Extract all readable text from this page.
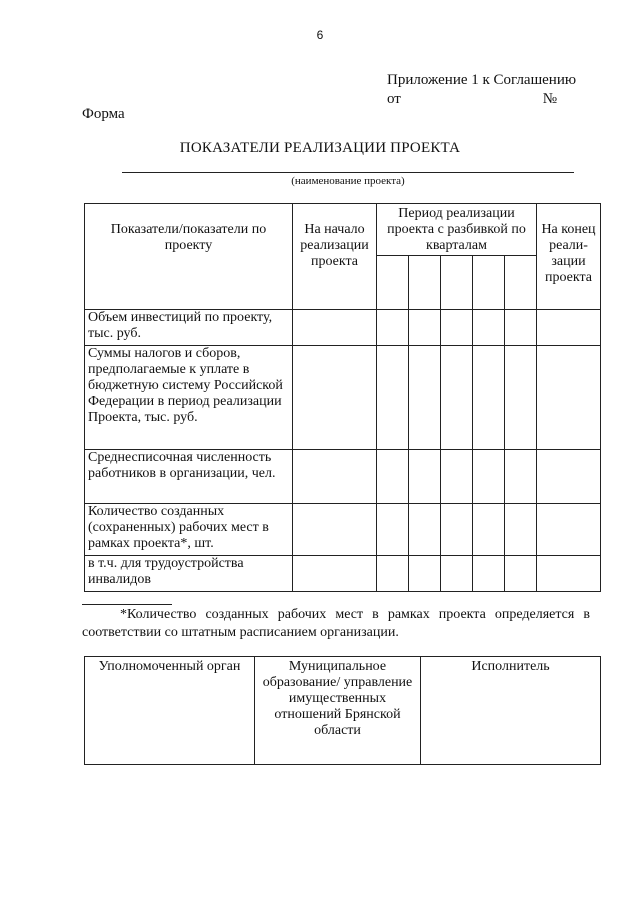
6
Приложение 1 к Соглашению
от	№
Форма
ПОКАЗАТЕЛИ РЕАЛИЗАЦИИ ПРОЕКТА
(наименование проекта)
Показатели/показатели по проекту	На начало реализации проекта	Период реализации проекта с разбивкой по кварталам					На конец реали-зации проекта

Объем инвестиций по проекту, тыс. руб.							
Суммы налогов и сборов, предполагаемые к уплате в бюджетную систему Российской Федерации в период реализации Проекта, тыс. руб.							
Среднесписочная численность работников в организации, чел.							
Количество созданных (сохраненных) рабочих мест в рамках проекта*, шт.							
в т.ч. для трудоустройства инвалидов							
*Количество созданных рабочих мест в рамках проекта определяется в соответствии со штатным расписанием организации.
Уполномоченный орган	Муниципальное образование/ управление имущественных отношений Брянской области	Исполнитель
